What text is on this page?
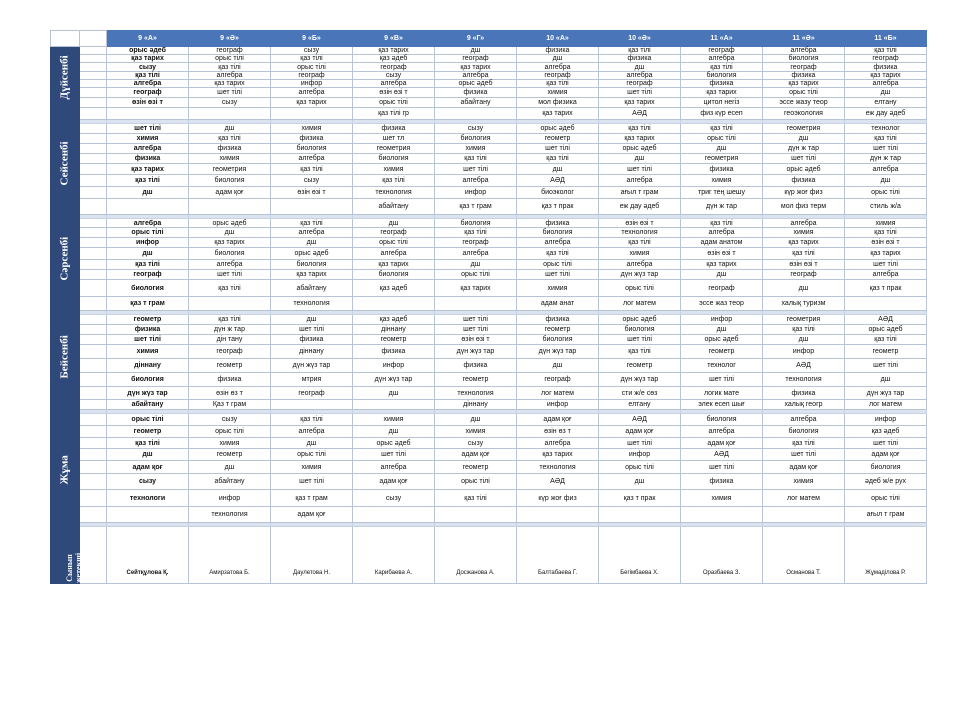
		9 «А»	9 «Ә»	9 «Б»	9 «В»	9 «Г»	10 «А»	10 «Ә»	11 «А»	11 «Ә»	11 «Б»

Дүйсенбі		орыс әдеб	географ	сызу	қаз тарих	дш	физика	қаз тілі	географ	алгебра	қаз тілі
		қаз тарих	орыс тілі	қаз тілі	қаз әдеб	географ	дш	физика	алгебра	биология	географ
		сызу	қаз тілі	орыс тілі	географ	қаз тарих	алгебра	дш	қаз тілі	географ	физика
		қаз тілі	алгебра	географ	сызу	алгебра	географ	алгебра	биология	физика	қаз тарих
		алгебра	қаз тарих	инфор	алгебра	орыс әдеб	қаз тілі	географ	физика	қаз тарих	алгебра
		географ	шет тілі	алгебра	өзін өзі т	физика	химия	шет тілі	қаз тарих	орыс тілі	дш
		өзін өзі т	сызу	қаз тарих	орыс тілі	абайтану	мол физика	қаз тарих	цитол негіз	эссе жазу теор	елтану
					қаз тілі гр		қаз тарих	АӘД	физ күр есеп	геоэкология	еж дау әдеб

Сейсенбі		шет тілі	дш	химия	физика	сызу	орыс әдеб	қаз тілі	қаз тілі	геометрия	технолог
		химия	қаз тілі	физика	шет тл	биология	геометр	қаз тарих	орыс тілі	дш	қаз тілі
		алгебра	физика	биология	геометрия	химия	шет тілі	орыс әдеб	дш	дүн ж тар	шет тілі
		физика	химия	алгебра	биология	қаз тілі	қаз тілі	дш	геометрия	шет тілі	дүн ж тар
		қаз тарих	геометрия	қаз тілі	химия	шет тілі	дш	шет тілі	физика	орыс әдеб	алгебра
		қаз тілі	биология	сызу	қаз тілі	алгебра	АӘД	алгебра	химия	физика	дш
		дш	адам қоғ	өзін өзі т	технология	инфор	биоэколог	ағыл т грам	триг тең шешу	күр жоғ физ	орыс тілі
					абайтану	қаз т грам	қаз т прак	еж дау әдеб	дүн ж тар	мол физ терм	стиль ж/а

Сәрсенбі		алгебра	орыс әдеб	қаз тілі	дш	биология	физика	өзін өзі т	қаз тілі	алгебра	химия
		орыс тілі	дш	алгебра	географ	қаз тілі	биология	технология	алгебра	химия	қаз тілі
		инфор	қаз тарих	дш	орыс тілі	географ	алгебра	қаз тілі	адам анатом	қаз тарих	өзін өзі т
		дш	биология	орыс әдеб	алгебра	алгебра	қаз тілі	химия	өзін өзі т	қаз тілі	қаз тарих
		қаз тілі	алгебра	биология	қаз тарих	дш	орыс тілі	алгебра	қаз тарих	өзін өзі т	шет тілі
		географ	шет тілі	қаз тарих	биология	орыс тілі	шет тілі	дүн жүз тар	дш	географ	алгебра
		биология	қаз тілі	абайтану	қаз әдеб	қаз тарих	химия	орыс тілі	географ	дш	қаз т прак
		қаз т грам		технология			адам анат	лог матем	эссе жаз теор	халық туризм	

Бейсенбі		геометр	қаз тілі	дш	қаз әдеб	шет тілі	физика	орыс әдеб	инфор	геометрия	АӘД
		физика	дүн ж тар	шет тілі	діннану	шет тілі	геометр	биология	дш	қаз тілі	орыс әдеб
		шет тілі	дін тану	физика	геометр	өзін өзі т	биология	шет тілі	орыс әдеб	дш	қаз тілі
		химия	географ	діннану	физика	дүн жүз тар	дүн жүз тар	қаз тілі	геометр	инфор	геометр
		діннану	геометр	дүн жүз тар	инфор	физика	дш	геометр	технолог	АӘД	шет тілі
		биология	физика	мтрия	дүн жүз тар	геометр	географ	дүн жүз тар	шет тілі	технология	дш
		дүн жүз тар	өзін өз т	географ	дш	технология	лог матем	сти ж/е сөз	логик мате	физика	дүн жүз тар
		абайтану	Қаз т грам			діннану	инфор	елтану	элек есеп шығ	халық геогр	лог матем

Жұма		орыс тілі	сызу	қаз тілі	химия	дш	адам қоғ	АӘД	биология	алгебра	инфор
		геометр	орыс тілі	алгебра	дш	химия	өзін өз т	адам қоғ	алгебра	биология	қаз әдеб
		қаз тілі	химия	дш	орыс әдеб	сызу	алгебра	шет тілі	адам қоғ	қаз тілі	шет тілі
		дш	геометр	орыс тілі	шет тілі	адам қоғ	қаз тарих	инфор	АӘД	шет тілі	адам қоғ
		адам қоғ	дш	химия	алгебра	геометр	технология	орыс тілі	шет тілі	адам қоғ	биология
		сызу	абайтану	шет тілі	адам қоғ	орыс тілі	АӘД	дш	физика	химия	әдеб ж/е рух
		технологи	инфор	қаз т грам	сызу	қаз тілі	күр жоғ физ	қаз т прак	химия	лог матем	орыс тілі
			технология	адам қоғ							ағыл т грам

Сынып жетекші		Сейтқұлова Қ.	Амирзатова Б.	Даулетова Н.	Карибаева А.	Досжанова А.	Балтабаева Г.	Бегімбаева Х.	Оразбаева З.	Османова Т.	Жұмаділова Р.
